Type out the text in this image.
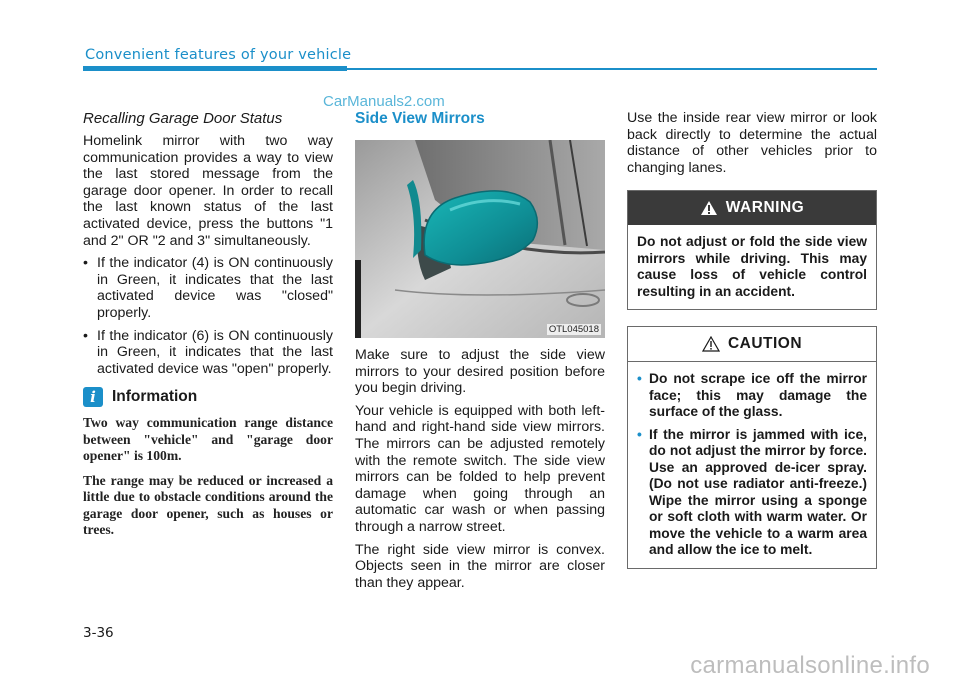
Convenient features of your vehicle
CarManuals2.com
Recalling Garage Door Status

Homelink mirror with two way communication provides a way to view the last stored message from the garage door opener. In order to recall the last known status of the last activated device, press the buttons "1 and 2" OR "2 and 3" simultaneously.

• If the indicator (4) is ON continuously in Green, it indicates that the last activated device was "closed" properly.
• If the indicator (6) is ON continuously in Green, it indicates that the last activated device was "open" properly.
i	Information

Two way communication range distance between "vehicle" and "garage door opener" is 100m.

The range may be reduced or increased a little due to obstacle conditions around the garage door opener, such as houses or trees.

Side View Mirrors
OTL045018

Make sure to adjust the side view mirrors to your desired position before you begin driving.

Your vehicle is equipped with both left-hand and right-hand side view mirrors. The mirrors can be adjusted remotely with the remote switch. The side view mirrors can be folded to help prevent damage when going through an automatic car wash or when passing through a narrow street.

The right side view mirror is convex. Objects seen in the mirror are closer than they appear.

Use the inside rear view mirror or look back directly to determine the actual distance of other vehicles prior to changing lanes.

WARNING

Do not adjust or fold the side view mirrors while driving. This may cause loss of vehicle control resulting in an accident.

CAUTION
• Do not scrape ice off the mirror face; this may damage the surface of the glass.
• If the mirror is jammed with ice, do not adjust the mirror by force. Use an approved de-icer spray. (Do not use radiator anti-freeze.) Wipe the mirror using a sponge or soft cloth with warm water. Or move the vehicle to a warm area and allow the ice to melt.
3-36
carmanualsonline.info
